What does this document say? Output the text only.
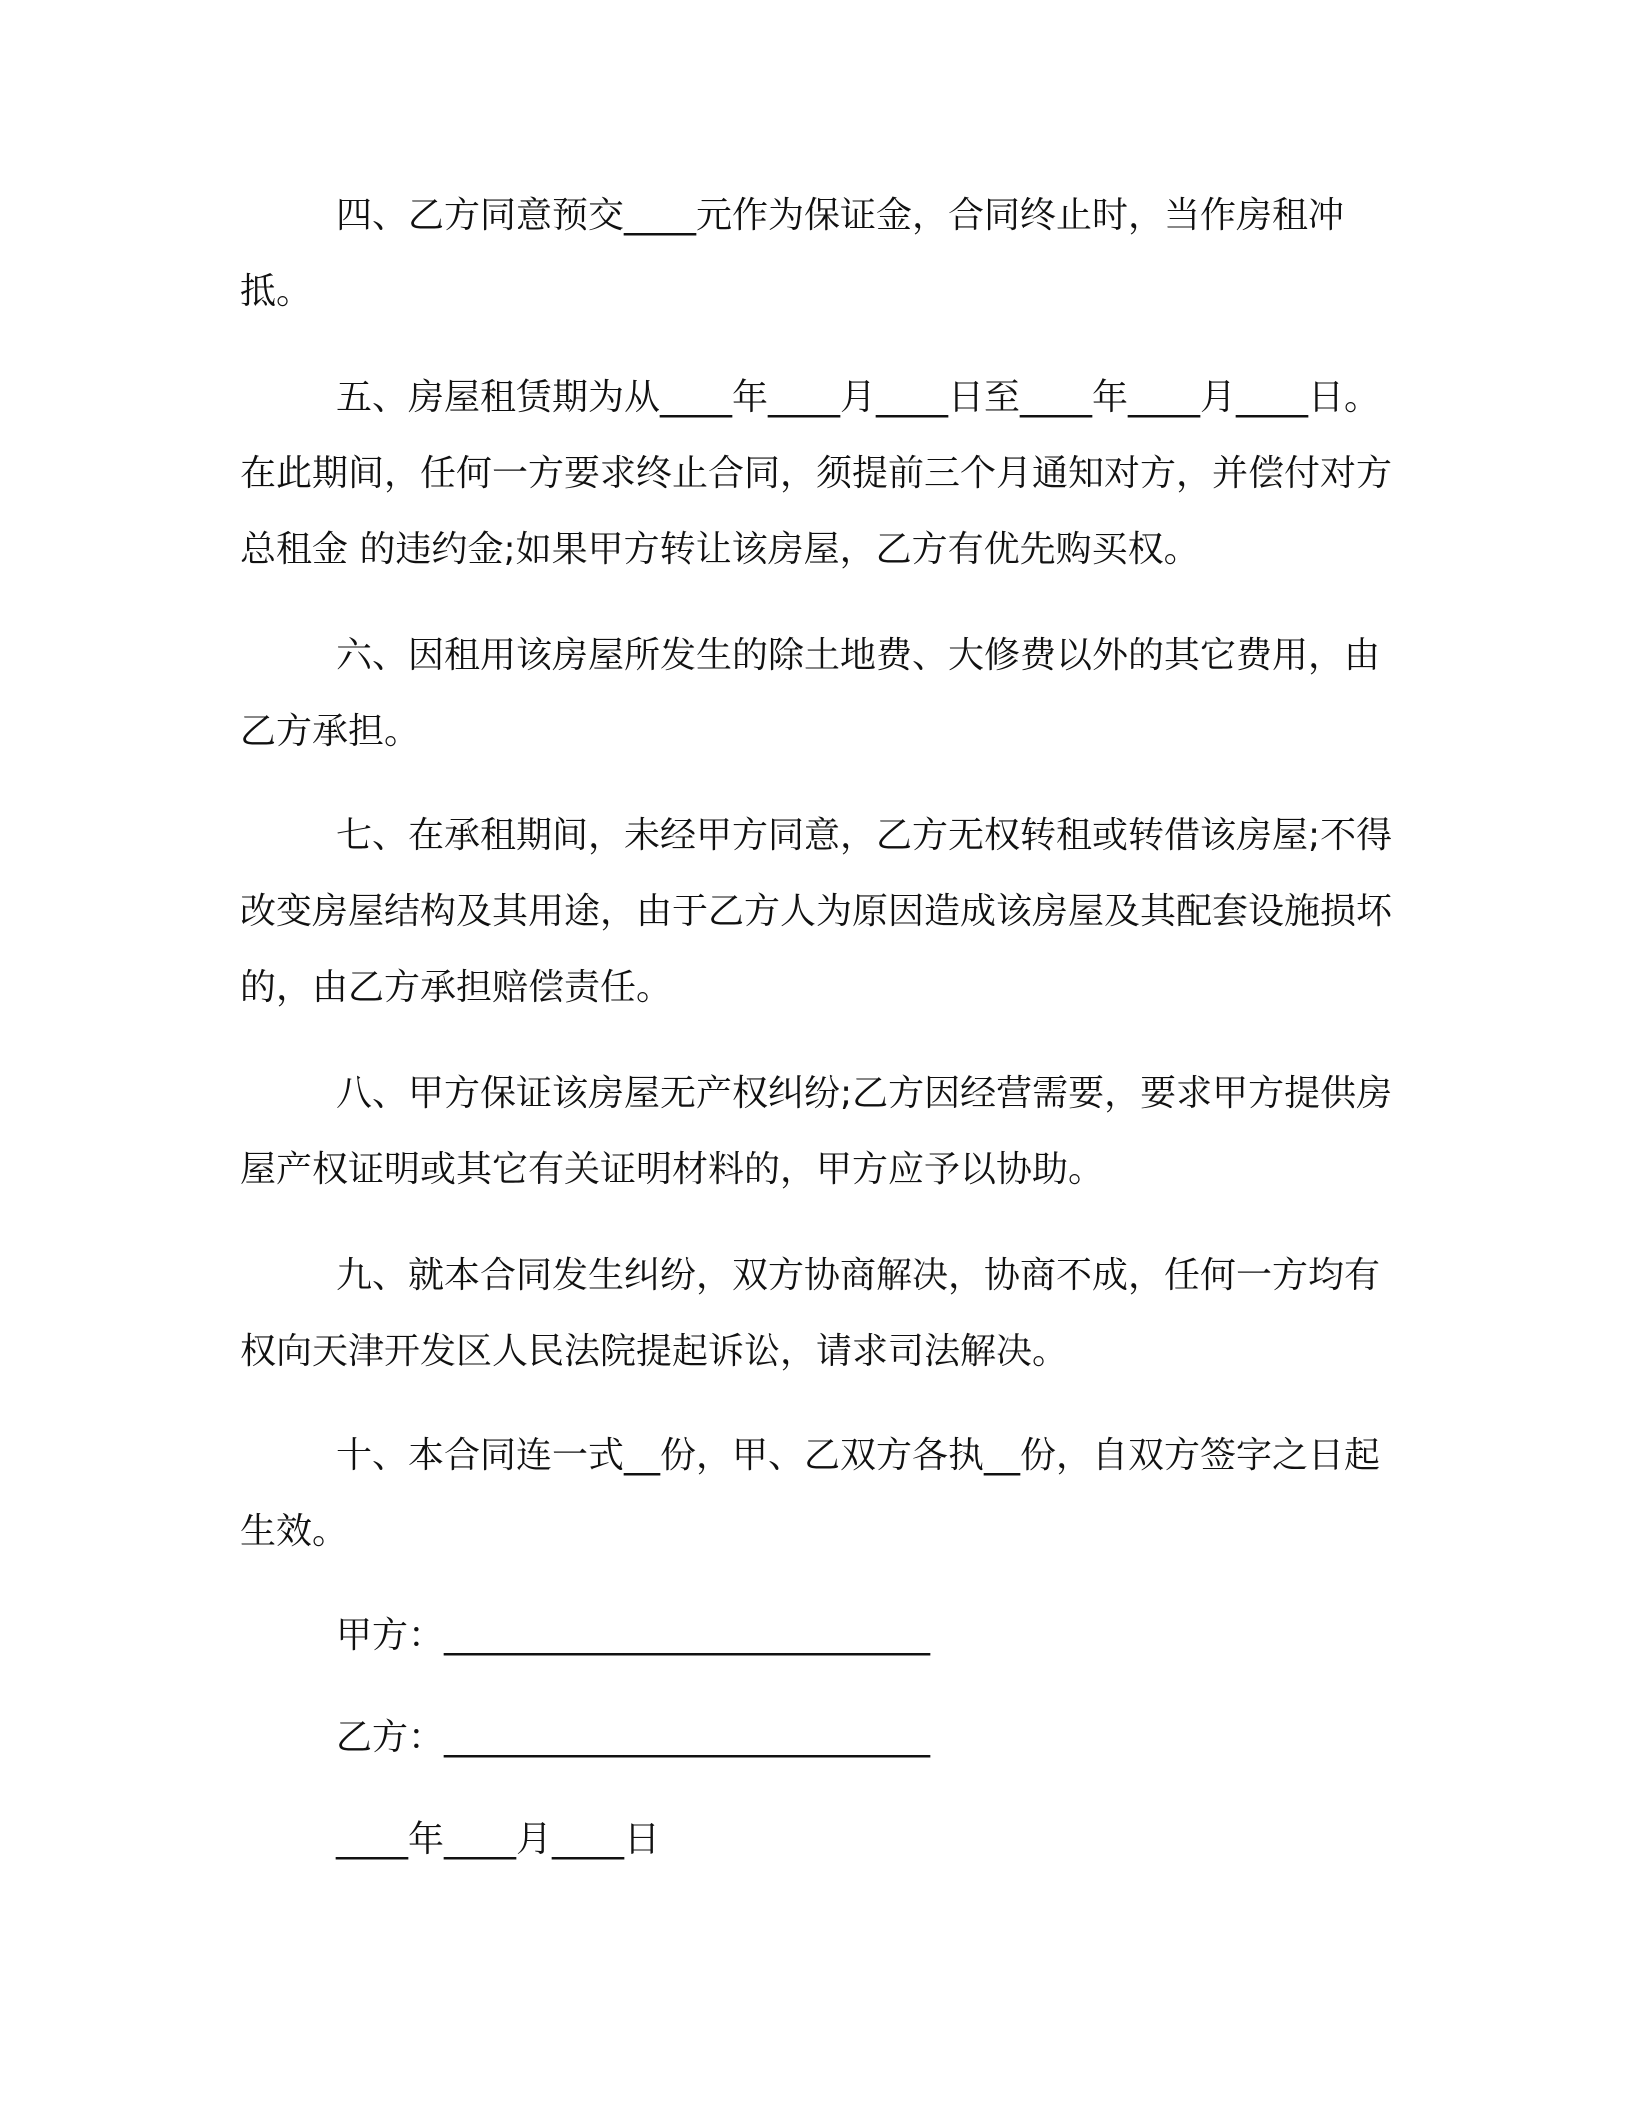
四、乙方同意预交____元作为保证金，合同终止时，当作房租冲抵。

五、房屋租赁期为从____年____月____日至____年____月____日。在此期间，任何一方要求终止合同，须提前三个月通知对方，并偿付对方总租金 的违约金;如果甲方转让该房屋，乙方有优先购买权。

六、因租用该房屋所发生的除土地费、大修费以外的其它费用，由乙方承担。

七、在承租期间，未经甲方同意，乙方无权转租或转借该房屋;不得改变房屋结构及其用途，由于乙方人为原因造成该房屋及其配套设施损坏的，由乙方承担赔偿责任。

八、甲方保证该房屋无产权纠纷;乙方因经营需要，要求甲方提供房屋产权证明或其它有关证明材料的，甲方应予以协助。

九、就本合同发生纠纷，双方协商解决，协商不成，任何一方均有权向天津开发区人民法院提起诉讼，请求司法解决。

十、本合同连一式__份，甲、乙双方各执__份，自双方签字之日起生效。

甲方：___________________________

乙方：___________________________

____年____月____日
